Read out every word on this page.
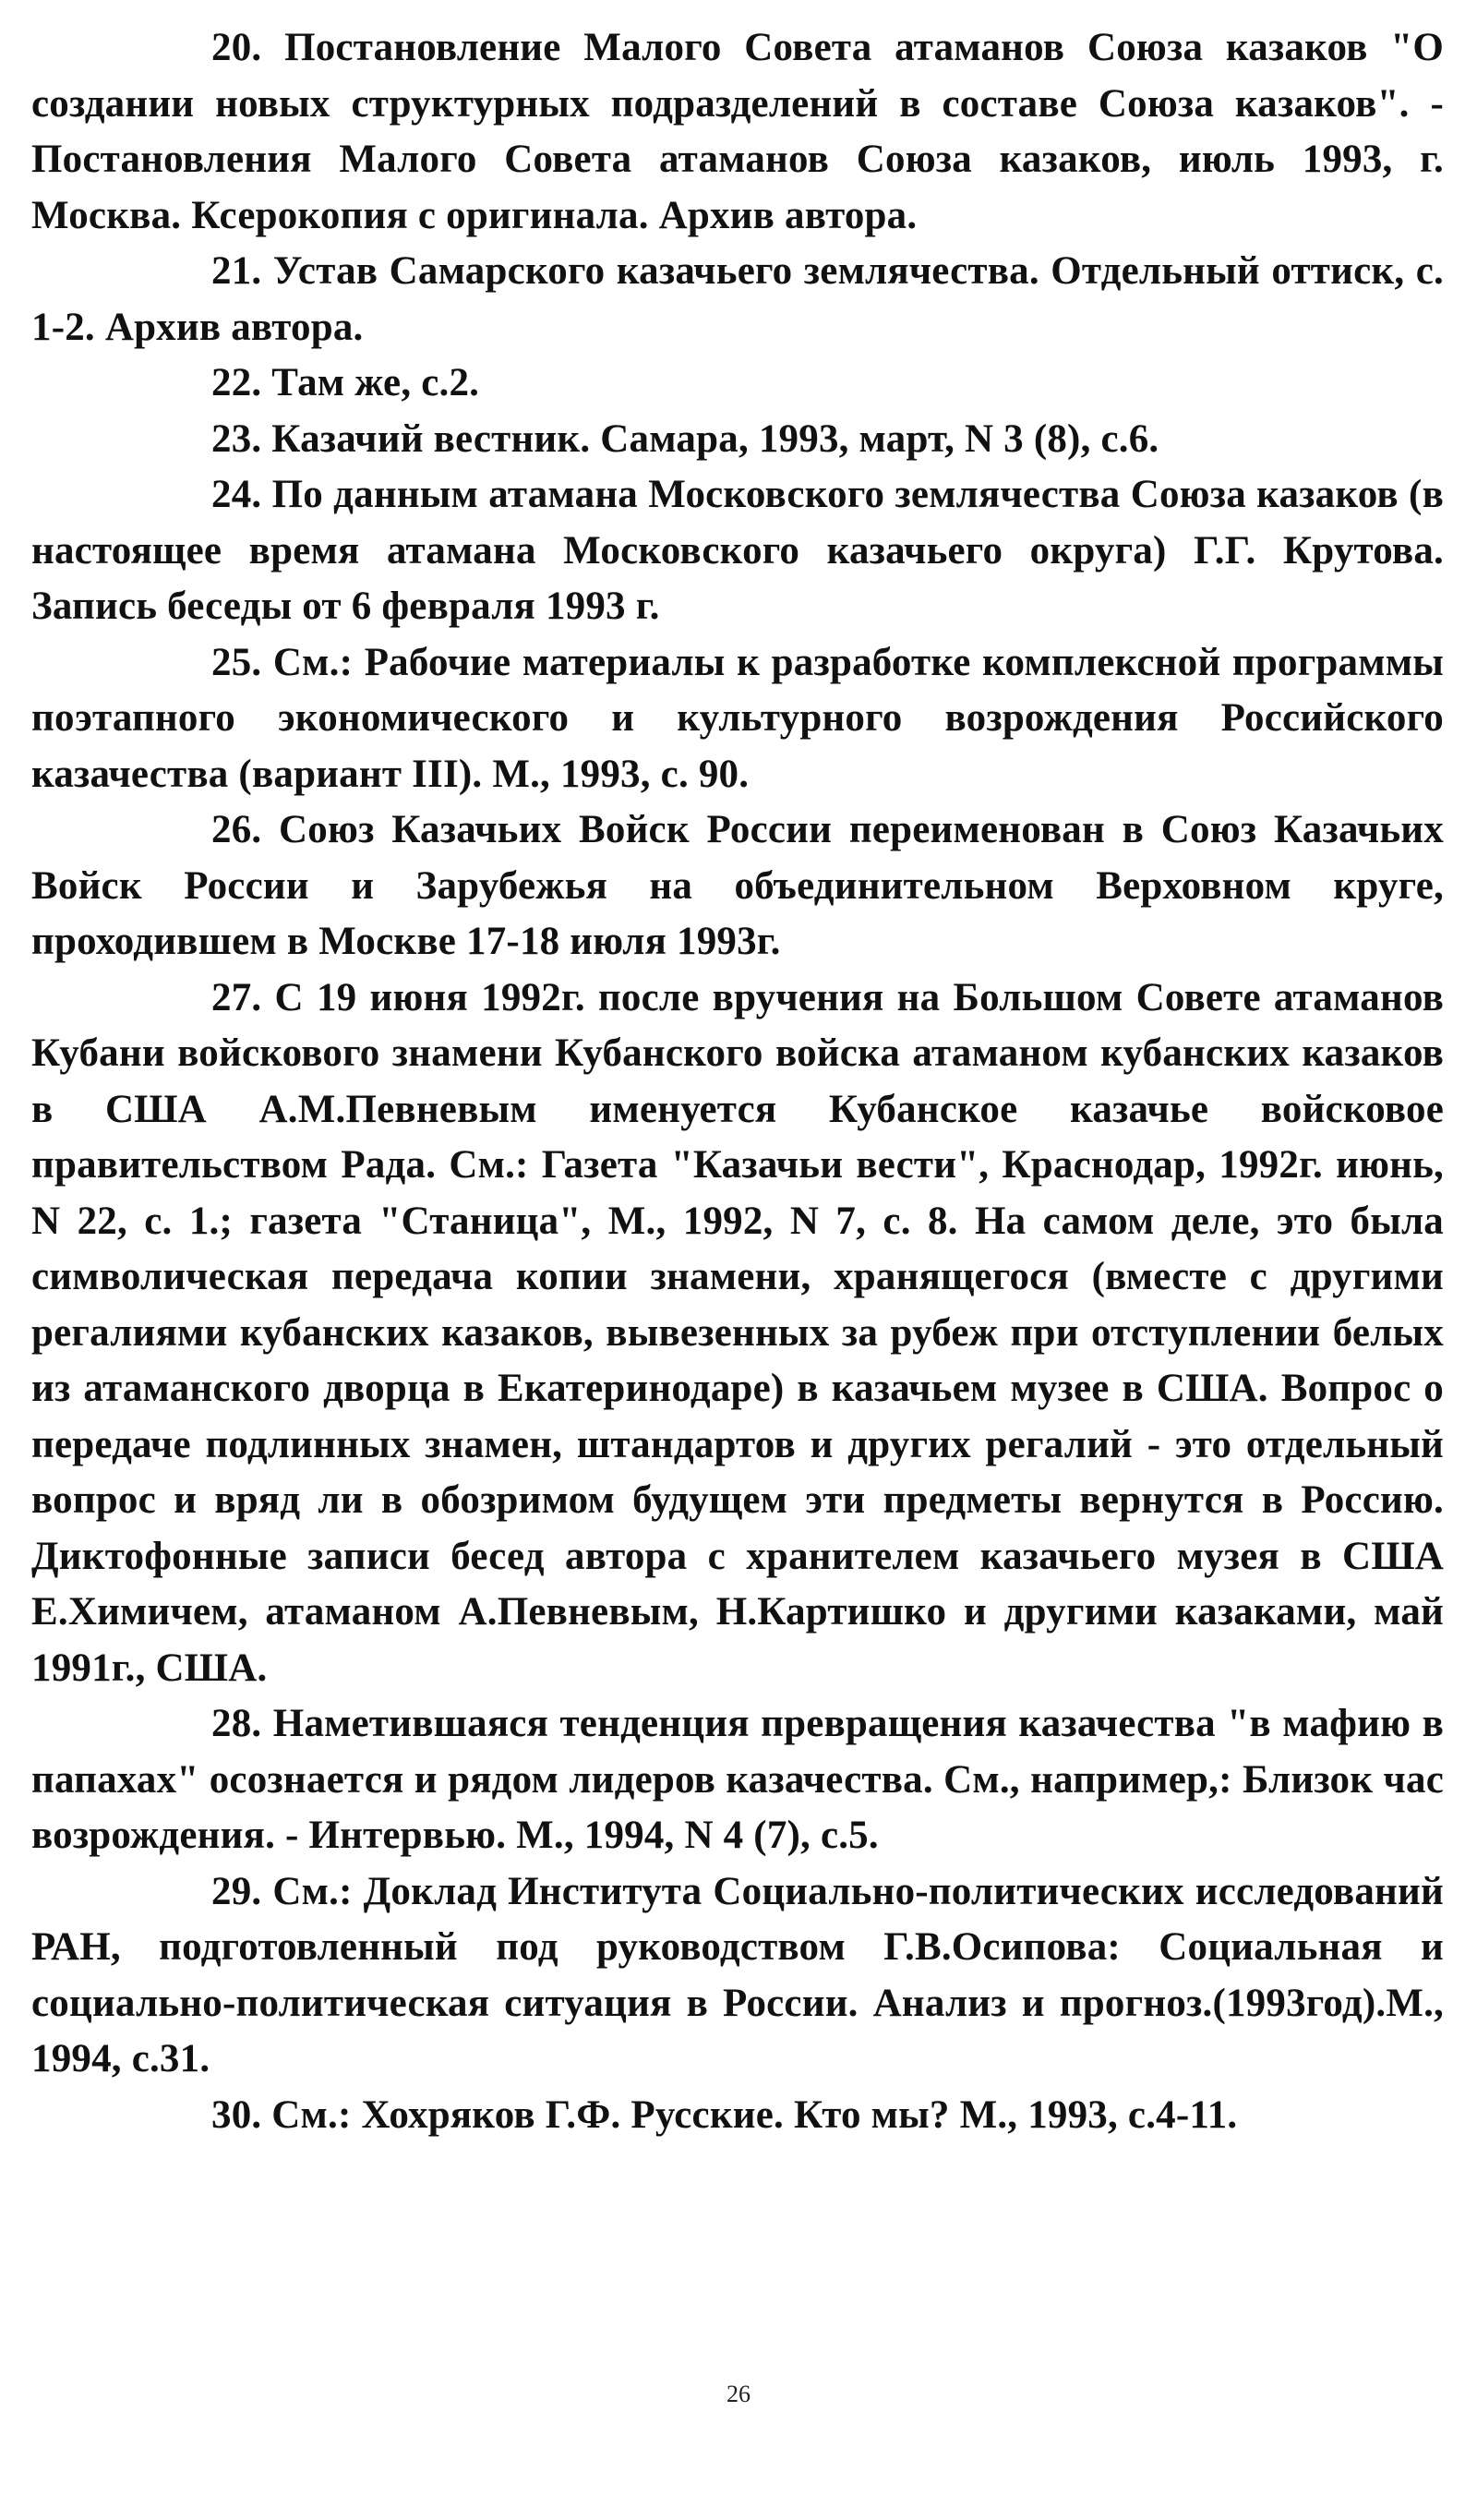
20. Постановление Малого Совета атаманов Союза казаков "О создании новых структурных подразделений в составе Союза казаков". - Постановления Малого Совета атаманов Союза казаков, июль 1993, г. Москва. Ксерокопия с оригинала. Архив автора.

21. Устав Самарского казачьего землячества. Отдельный оттиск, с. 1-2. Архив автора.

22. Там же, с.2.

23. Казачий вестник. Самара, 1993, март, N 3 (8), с.6.

24. По данным атамана Московского землячества Союза казаков (в настоящее время атамана Московского казачьего округа) Г.Г. Крутова. Запись беседы от 6 февраля 1993 г.

25. См.: Рабочие материалы к разработке комплексной программы поэтапного экономического и культурного возрождения Российского казачества (вариант III). М., 1993, с. 90.

26. Союз Казачьих Войск России переименован в Союз Казачьих Войск России и Зарубежья на объединительном Верховном круге, проходившем в Москве 17-18 июля 1993г.

27. С 19 июня 1992г. после вручения на Большом Совете атаманов Кубани войскового знамени Кубанского войска атаманом кубанских казаков в США А.М.Певневым именуется Кубанское казачье войсковое правительством Рада. См.: Газета "Казачьи вести", Краснодар, 1992г. июнь, N 22, с. 1.; газета "Станица", М., 1992, N 7, с. 8. На самом деле, это была символическая передача копии знамени, хранящегося (вместе с другими регалиями кубанских казаков, вывезенных за рубеж при отступлении белых из атаманского дворца в Екатеринодаре) в казачьем музее в США. Вопрос о передаче подлинных знамен, штандартов и других регалий - это отдельный вопрос и вряд ли в обозримом будущем эти предметы вернутся в Россию. Диктофонные записи бесед автора с хранителем казачьего музея в США Е.Химичем, атаманом А.Певневым, Н.Картишко и другими казаками, май 1991г., США.

28. Наметившаяся тенденция превращения казачества "в мафию в папахах" осознается и рядом лидеров казачества. См., например,: Близок час возрождения. - Интервью. М., 1994, N 4 (7), с.5.

29. См.: Доклад Института Социально-политических исследований РАН, подготовленный под руководством Г.В.Осипова: Социальная и социально-политическая ситуация в России. Анализ и прогноз.(1993год).М., 1994, с.31.

30. См.: Хохряков Г.Ф. Русские. Кто мы? М., 1993, с.4-11.

26
